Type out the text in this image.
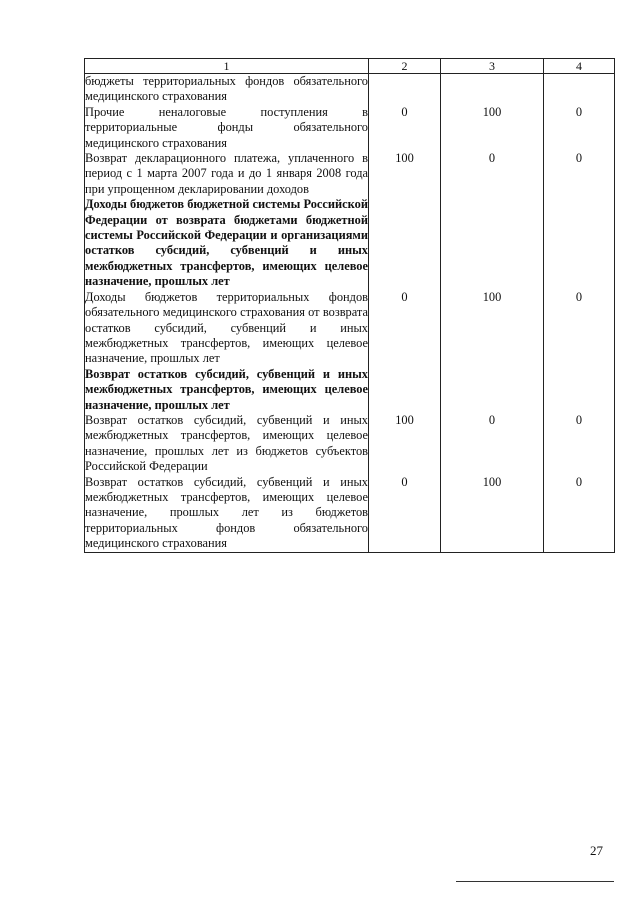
1	2	3	4
бюджеты территориальных фондов обязательного медицинского страхования			
Прочие неналоговые поступления в территориальные фонды обязательного медицинского страхования	0	100	0
Возврат декларационного платежа, уплаченного в период с 1 марта 2007 года и до 1 января 2008 года при упрощенном декларировании доходов	100	0	0
Доходы бюджетов бюджетной системы Российской Федерации от возврата бюджетами бюджетной системы Российской Федерации и организациями остатков субсидий, субвенций и иных межбюджетных трансфертов, имеющих целевое назначение, прошлых лет			
Доходы бюджетов территориальных фондов обязательного медицинского страхования от возврата остатков субсидий, субвенций и иных межбюджетных трансфертов, имеющих целевое назначение, прошлых лет	0	100	0
Возврат остатков субсидий, субвенций и иных межбюджетных трансфертов, имеющих целевое назначение, прошлых лет			
Возврат остатков субсидий, субвенций и иных межбюджетных трансфертов, имеющих целевое назначение, прошлых лет из бюджетов субъектов Российской Федерации	100	0	0
Возврат остатков субсидий, субвенций и иных межбюджетных трансфертов, имеющих целевое назначение, прошлых лет из бюджетов территориальных фондов обязательного медицинского страхования	0	100	0
27
